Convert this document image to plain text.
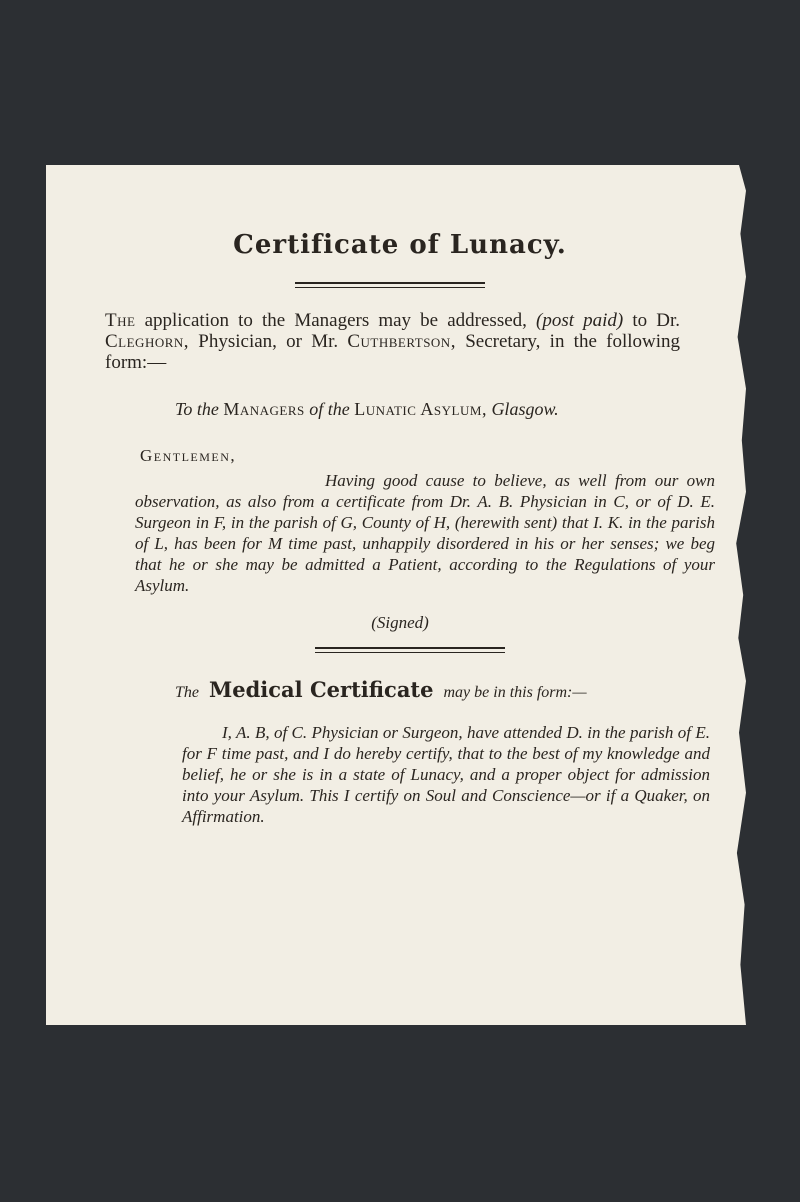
Certificate of Lunacy.

The application to the Managers may be addressed, (post paid) to Dr. Cleghorn, Physician, or Mr. Cuthbertson, Secretary, in the following form:—

To the Managers of the Lunatic Asylum, Glasgow.
Gentlemen,

Having good cause to believe, as well from our own observation, as also from a certificate from Dr. A. B. Physician in C, or of D. E. Surgeon in F, in the parish of G, County of H, (herewith sent) that I. K. in the parish of L, has been for M time past, unhappily disordered in his or her senses; we beg that he or she may be admitted a Patient, according to the Regulations of your Asylum.

(Signed)
The Medical Certificate may be in this form:—

I, A. B, of C. Physician or Surgeon, have attended D. in the parish of E. for F time past, and I do hereby certify, that to the best of my knowledge and belief, he or she is in a state of Lunacy, and a proper object for admission into your Asylum. This I certify on Soul and Conscience—or if a Quaker, on Affirmation.
